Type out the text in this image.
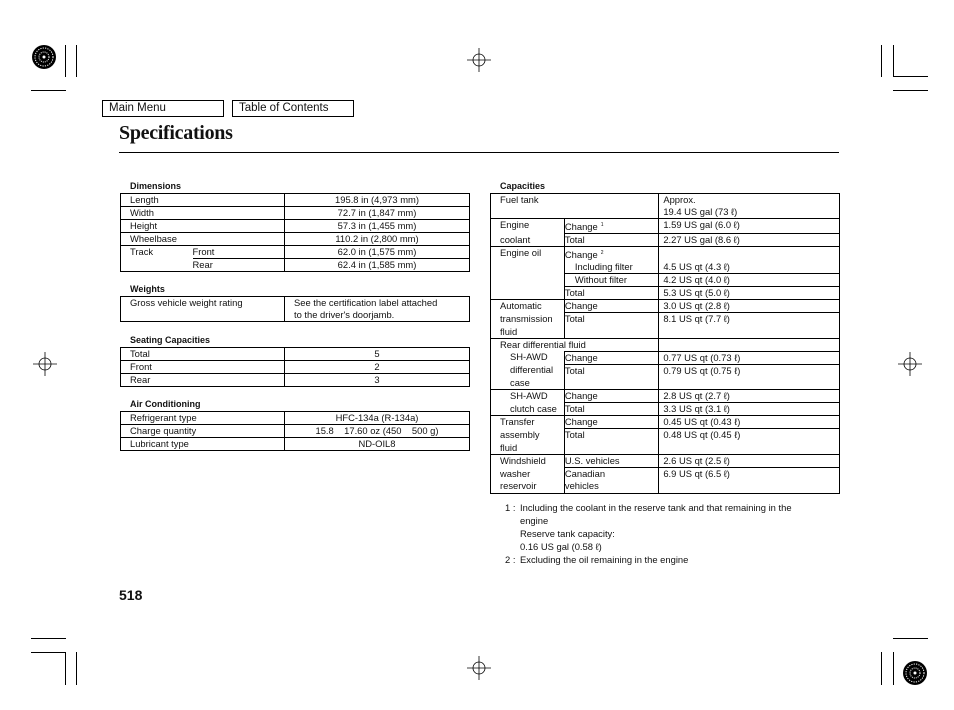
Main Menu	Table of Contents
Specifications
Dimensions
Length		195.8 in (4,973 mm)
Width		72.7 in (1,847 mm)
Height		57.3 in (1,455 mm)
Wheelbase		110.2 in (2,800 mm)
Track	Front	62.0 in (1,575 mm)
	Rear	62.4 in (1,585 mm)
Weights
Gross vehicle weight rating	See the certification label attached
to the driver's doorjamb.
Seating Capacities
Total	5
Front	2
Rear	3
Air Conditioning
Refrigerant type	HFC-134a (R-134a)
Charge quantity	15.8    17.60 oz (450    500 g)
Lubricant type	ND-OIL8
Capacities
Fuel tank		Approx.
19.4 US gal (73 ℓ)

Engine	Change $^1$	1.59 US gal (6.0 ℓ)
coolant	Total	2.27 US gal (8.6 ℓ)
Engine oil	Change $^2$	
	Including filter	4.5 US qt (4.3 ℓ)
	Without filter	4.2 US qt (4.0 ℓ)
	Total	5.3 US qt (5.0 ℓ)
Automatic	Change	3.0 US qt (2.8 ℓ)
transmission	Total	8.1 US qt (7.7 ℓ)
fluid		
Rear differential fluid		
SH-AWD	Change	0.77 US qt (0.73 ℓ)
differential	Total	0.79 US qt (0.75 ℓ)
case		
SH-AWD	Change	2.8 US qt (2.7 ℓ)
clutch case	Total	3.3 US qt (3.1 ℓ)
Transfer	Change	0.45 US qt (0.43 ℓ)
assembly	Total	0.48 US qt (0.45 ℓ)
fluid		
Windshield	U.S. vehicles	2.6 US qt (2.5 ℓ)
washer	Canadian	6.9 US qt (6.5 ℓ)
reservoir	vehicles	
1 : Including the coolant in the reserve tank and that remaining in the
engine
Reserve tank capacity:
0.16 US gal (0.58 ℓ)
2 : Excluding the oil remaining in the engine
518
